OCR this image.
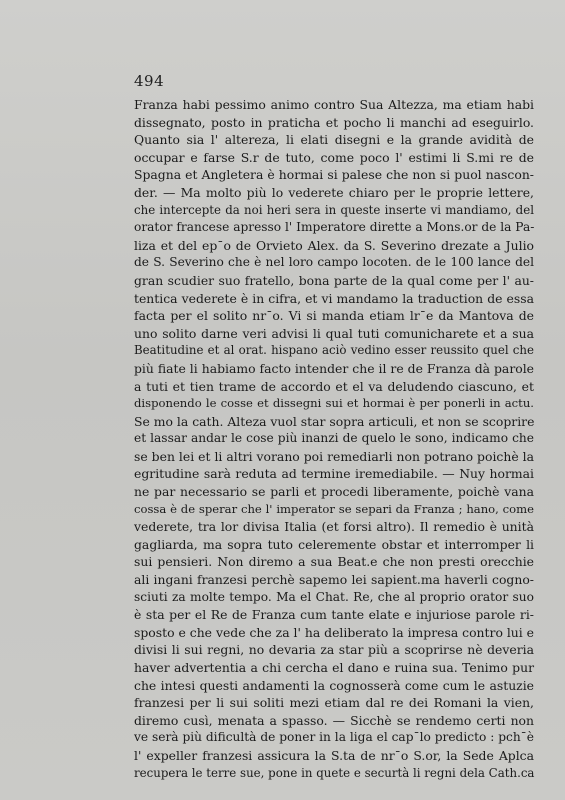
494
Franza habi pessimo animo contro Sua Altezza, ma etiam habi
dissegnato, posto in praticha et pocho li manchi ad eseguirlo.
Quanto sia l' altereza, li elati disegni e la grande avidità de
occupar e farse S.r de tuto, come poco l' estimi li S.mi re de
Spagna et Angletera è hormai si palese che non si puol nascon-
der. — Ma molto più lo vederete chiaro per le proprie lettere,
che intercepte da noi heri sera in queste inserte vi mandiamo, del
orator francese apresso l' Imperatore dirette a Mons.or de la Pa-
liza et del ep¯o de Orvieto Alex. da S. Severino drezate a Julio
de S. Severino che è nel loro campo locoten. de le 100 lance del
gran scudier suo fratello, bona parte de la qual come per l' au-
tentica vederete è in cifra, et vi mandamo la traduction de essa
facta per el solito nr¯o. Vi si manda etiam lr¯e da Mantova de
uno solito darne veri advisi li qual tuti comunicharete et a sua
Beatitudine et al orat. hispano aciò vedino esser reussito quel che
più fiate li habiamo facto intender che il re de Franza dà parole
a tuti et tien trame de accordo et el va deludendo ciascuno, et
disponendo le cosse et dissegni sui et hormai è per ponerli in actu.
Se mo la cath. Alteza vuol star sopra articuli, et non se scoprire
et lassar andar le cose più inanzi de quelo le sono, indicamo che
se ben lei et li altri vorano poi remediarli non potrano poichè la
egritudine sarà reduta ad termine iremediabile. — Nuy hormai
ne par necessario se parli et procedi liberamente, poichè vana
cossa è de sperar che l' imperator se separi da Franza ; hano, come
vederete, tra lor divisa Italia (et forsi altro). Il remedio è unità
gagliarda, ma sopra tuto celeremente obstar et interromper li
sui pensieri. Non diremo a sua Beat.e che non presti orecchie
ali ingani franzesi perchè sapemo lei sapient.ma haverli cogno-
sciuti za molte tempo. Ma el Chat. Re, che al proprio orator suo
è sta per el Re de Franza cum tante elate e injuriose parole ri-
sposto e che vede che za l' ha deliberato la impresa contro lui e
divisi li sui regni, no devaria za star più a scoprirse nè deveria
haver advertentia a chi cercha el dano e ruina sua. Tenimo pur
che intesi questi andamenti la cognosserà come cum le astuzie
franzesi per li sui soliti mezi etiam dal re dei Romani la vien,
diremo cusì, menata a spasso. — Sicchè se rendemo certi non
ve serà più dificultà de poner in la liga el cap¯lo predicto : pch¯è
l' expeller franzesi assicura la S.ta de nr¯o S.or, la Sede Aplca
recupera le terre sue, pone in quete e securtà li regni dela Cath.ca
